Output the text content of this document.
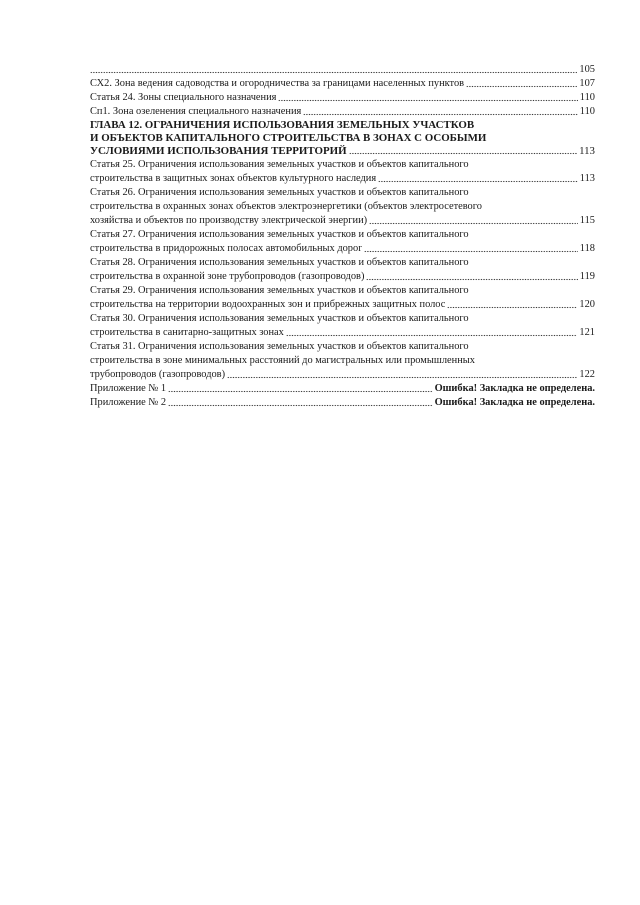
105
СХ2. Зона ведения садоводства и огородничества за границами населенных пунктов	107
Статья 24. Зоны специального назначения	110
Сп1. Зона озеленения специального назначения	110
ГЛАВА 12. ОГРАНИЧЕНИЯ ИСПОЛЬЗОВАНИЯ ЗЕМЕЛЬНЫХ УЧАСТКОВ
И ОБЪЕКТОВ КАПИТАЛЬНОГО СТРОИТЕЛЬСТВА В ЗОНАХ С ОСОБЫМИ
УСЛОВИЯМИ ИСПОЛЬЗОВАНИЯ ТЕРРИТОРИЙ	113
Статья 25. Ограничения использования земельных участков и объектов капитального
строительства в защитных зонах объектов культурного наследия	113
Статья 26. Ограничения использования земельных участков и объектов капитального
строительства в охранных зонах объектов электроэнергетики (объектов электросетевого
хозяйства и объектов по производству электрической энергии)	115
Статья 27. Ограничения использования земельных участков и объектов капитального
строительства в придорожных полосах автомобильных дорог	118
Статья 28. Ограничения использования земельных участков и объектов капитального
строительства в охранной зоне трубопроводов (газопроводов)	119
Статья 29. Ограничения использования земельных участков и объектов капитального
строительства на территории водоохранных зон и прибрежных защитных полос	120
Статья 30. Ограничения использования земельных участков и объектов капитального
строительства в санитарно-защитных зонах	121
Статья 31. Ограничения использования земельных участков и объектов капитального
строительства в зоне минимальных расстояний до магистральных или промышленных
трубопроводов (газопроводов)	122
Приложение № 1	Ошибка! Закладка не определена.
Приложение № 2	Ошибка! Закладка не определена.
